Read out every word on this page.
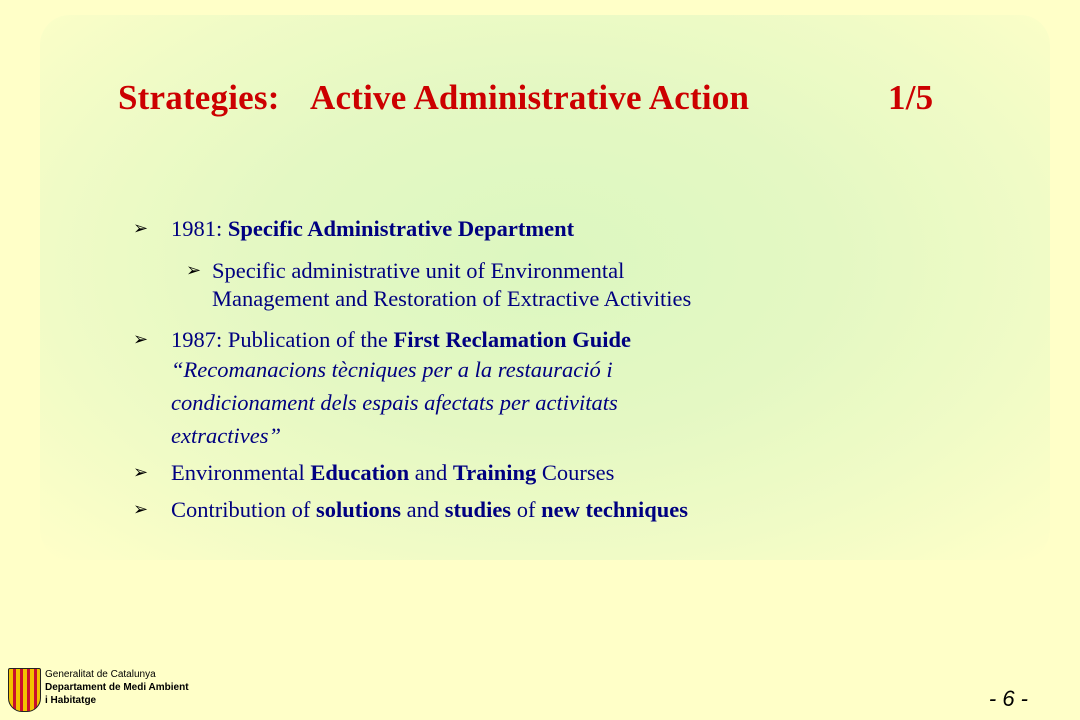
Strategies: Active Administrative Action	1/5
➢ 1981: Specific Administrative Department
➢ Specific administrative unit of Environmental
Management and Restoration of Extractive Activities
➢ 1987: Publication of the First Reclamation Guide
“Recomanacions tècniques per a la restauració i
condicionament dels espais afectats per activitats
extractives”
➢ Environmental Education and Training Courses
➢ Contribution of solutions and studies of new techniques
Generalitat de Catalunya
Departament de Medi Ambient
i Habitatge	- 6 -
